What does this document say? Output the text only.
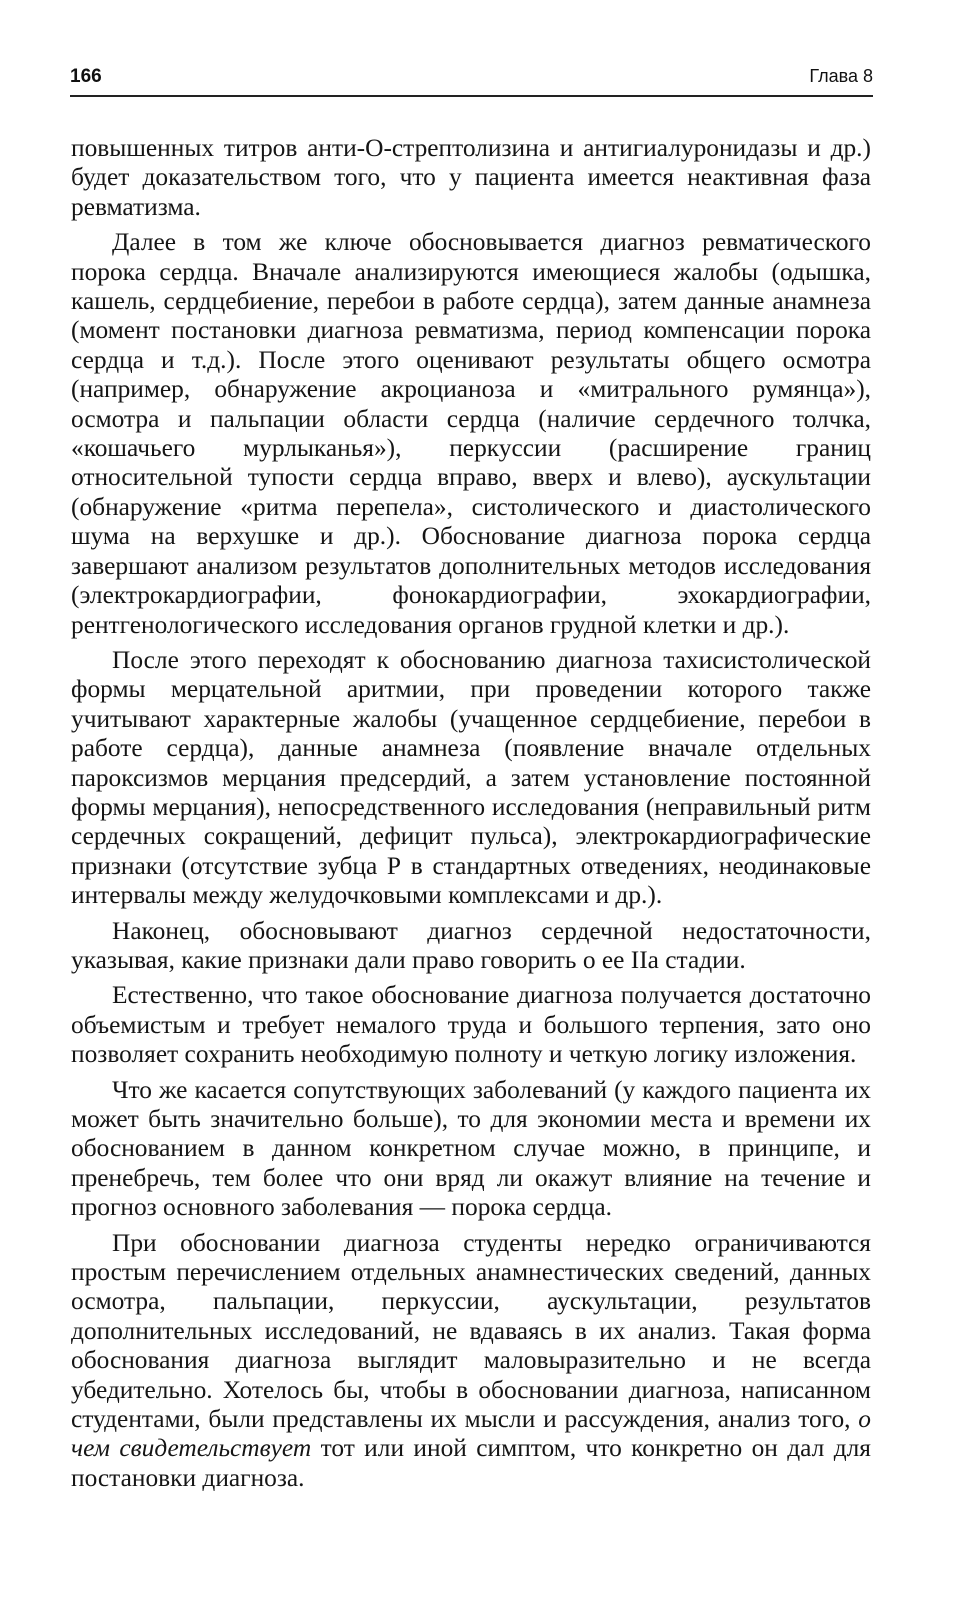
166	Глава 8

повышенных титров анти-О-стрептолизина и антигиалуронидазы и др.) будет доказательством того, что у пациента имеется неактивная фаза ревматизма.

Далее в том же ключе обосновывается диагноз ревматического порока сердца. Вначале анализируются имеющиеся жалобы (одышка, кашель, сердцебиение, перебои в работе сердца), затем данные анамнеза (момент постановки диагноза ревматизма, период компенсации порока сердца и т.д.). После этого оценивают результаты общего осмотра (например, обнаружение акроцианоза и «митрального румянца»), осмотра и пальпации области сердца (наличие сердечного толчка, «кошачьего мурлыканья»), перкуссии (расширение границ относительной тупости сердца вправо, вверх и влево), аускультации (обнаружение «ритма перепела», систолического и диастолического шума на верхушке и др.). Обоснование диагноза порока сердца завершают анализом результатов дополнительных методов исследования (электрокардиографии, фонокардиографии, эхокардиографии, рентгенологического исследования органов грудной клетки и др.).

После этого переходят к обоснованию диагноза тахисистолической формы мерцательной аритмии, при проведении которого также учитывают характерные жалобы (учащенное сердцебиение, перебои в работе сердца), данные анамнеза (появление вначале отдельных пароксизмов мерцания предсердий, а затем установление постоянной формы мерцания), непосредственного исследования (неправильный ритм сердечных сокращений, дефицит пульса), электрокардиографические признаки (отсутствие зубца Р в стандартных отведениях, неодинаковые интервалы между желудочковыми комплексами и др.).

Наконец, обосновывают диагноз сердечной недостаточности, указывая, какие признаки дали право говорить о ее IIа стадии.

Естественно, что такое обоснование диагноза получается достаточно объемистым и требует немалого труда и большого терпения, зато оно позволяет сохранить необходимую полноту и четкую логику изложения.

Что же касается сопутствующих заболеваний (у каждого пациента их может быть значительно больше), то для экономии места и времени их обоснованием в данном конкретном случае можно, в принципе, и пренебречь, тем более что они вряд ли окажут влияние на течение и прогноз основного заболевания — порока сердца.

При обосновании диагноза студенты нередко ограничиваются простым перечислением отдельных анамнестических сведений, данных осмотра, пальпации, перкуссии, аускультации, результатов дополнительных исследований, не вдаваясь в их анализ. Такая форма обоснования диагноза выглядит маловыразительно и не всегда убедительно. Хотелось бы, чтобы в обосновании диагноза, написанном студентами, были представлены их мысли и рассуждения, анализ того, о чем свидетельствует тот или иной симптом, что конкретно он дал для постановки диагноза.
